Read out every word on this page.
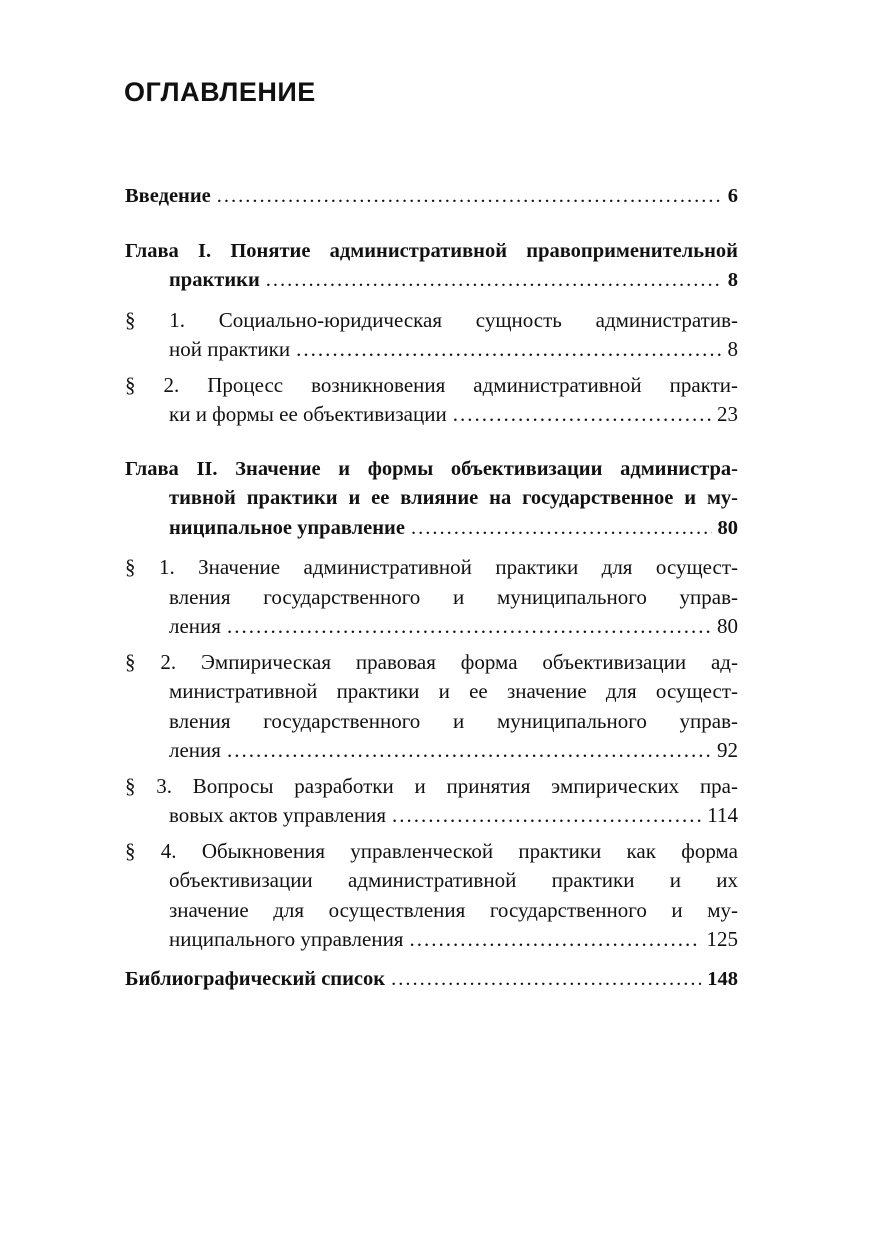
ОГЛАВЛЕНИЕ
Введение .....	6
Глава I. Понятие административной правоприменительной
практики .....	8
§ 1. Социально-юридическая сущность административ-
ной практики .....	8
§ 2. Процесс возникновения административной практи-
ки и формы ее объективизации .....	23
Глава II. Значение и формы объективизации администра-
тивной практики и ее влияние на государственное и му-
ниципальное управление .....	80
§ 1. Значение административной практики для осущест-
вления государственного и муниципального управ-
ления .....	80
§ 2. Эмпирическая правовая форма объективизации ад-
министративной практики и ее значение для осущест-
вления государственного и муниципального управ-
ления .....	92
§ 3. Вопросы разработки и принятия эмпирических пра-
вовых актов управления .....	114
§ 4. Обыкновения управленческой практики как форма
объективизации административной практики и их
значение для осуществления государственного и му-
ниципального управления .....	125
Библиографический список .....	148
